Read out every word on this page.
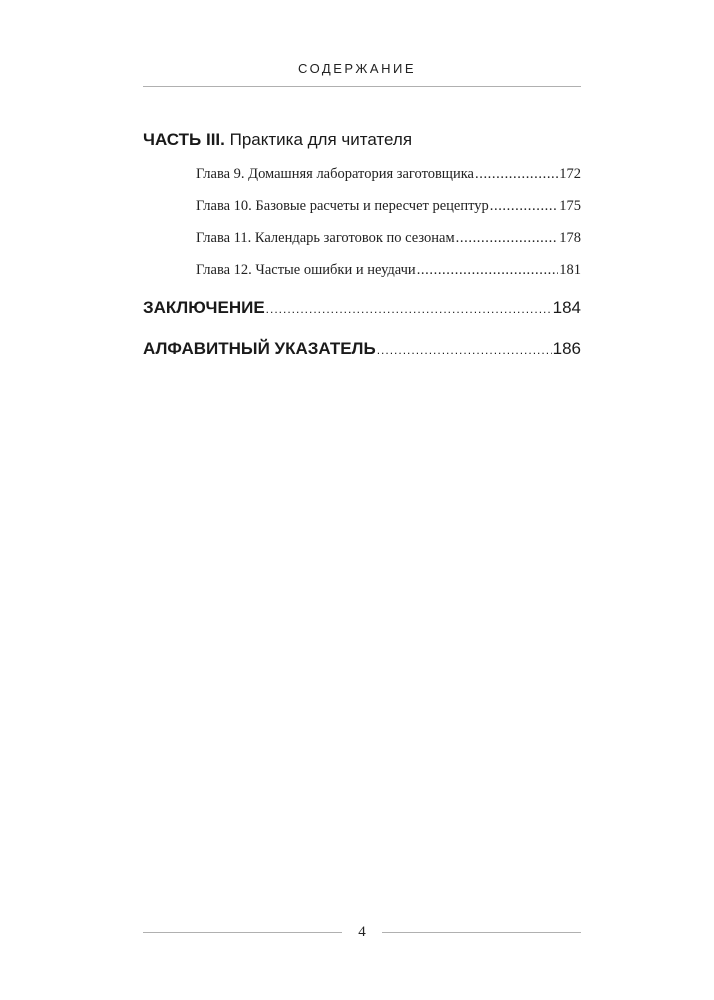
СОДЕРЖАНИЕ
ЧАСТЬ III. Практика для читателя
Глава 9. Домашняя лаборатория заготовщика .....	172
Глава 10. Базовые расчеты и пересчет рецептур .....	175
Глава 11. Календарь заготовок по сезонам .....	178
Глава 12. Частые ошибки и неудачи .....	181
ЗАКЛЮЧЕНИЕ .....	184
АЛФАВИТНЫЙ УКАЗАТЕЛЬ .....	186
4
